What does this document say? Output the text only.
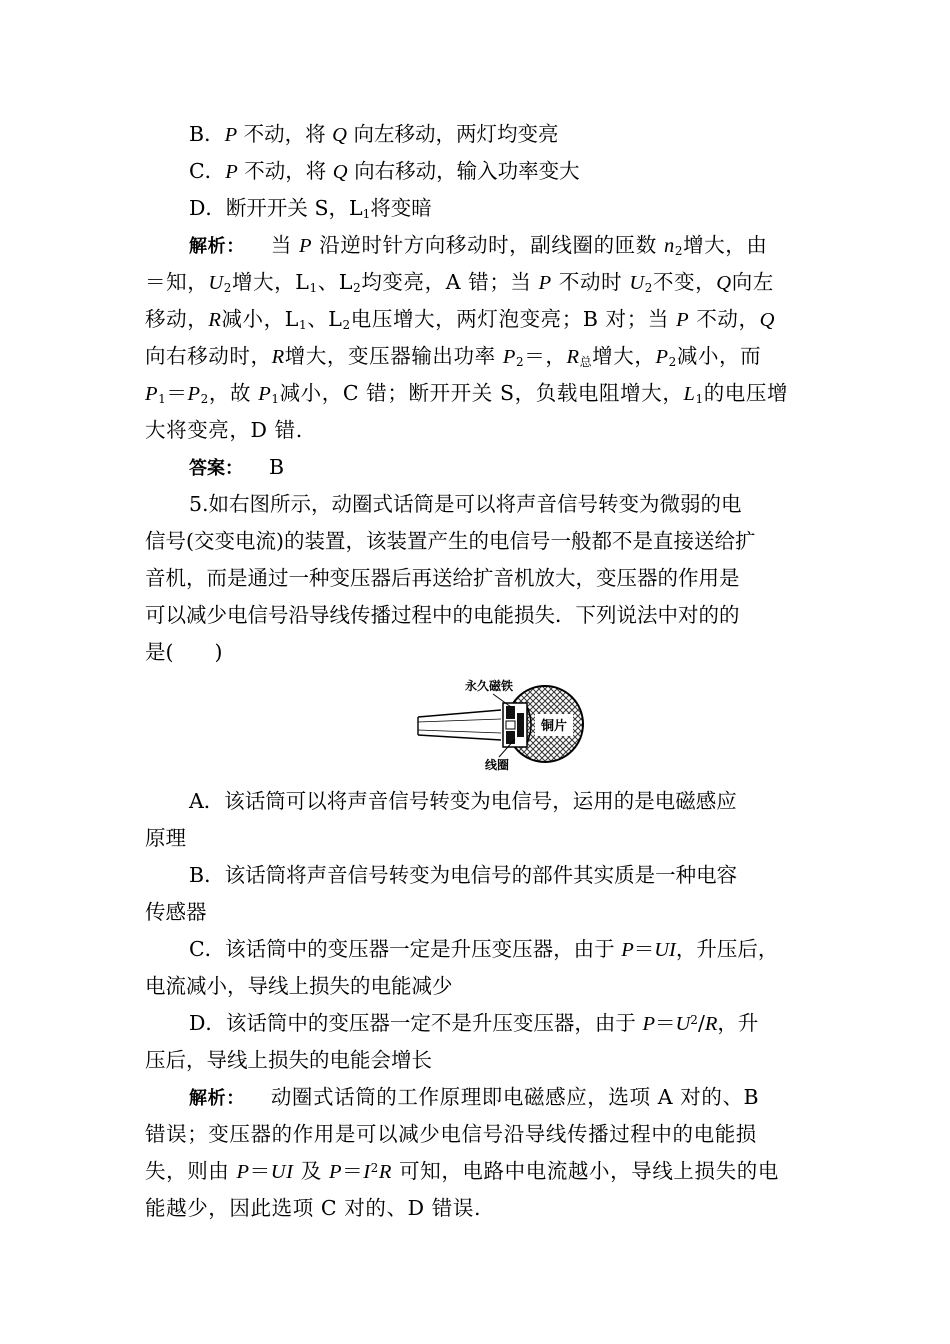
B．P 不动，将 Q 向左移动，两灯均变亮
C．P 不动，将 Q 向右移动，输入功率变大
D．断开开关 S，$L_1$将变暗
解析： 当 P 沿逆时针方向移动时，副线圈的匝数 $n_2$增大，由
＝知，$U_2$增大，$L_1$、$L_2$均变亮，A 错；当 P 不动时 $U_2$不变，Q向左
移动，R减小，$L_1$、$L_2$电压增大，两灯泡变亮；B 对；当 P 不动，Q
向右移动时，R增大，变压器输出功率 $P_2=$，$R_总$增大，$P_2$减小，而
$P_1=P_2$，故 $P_1$减小，C 错；断开开关 S，负载电阻增大，$L_1$的电压增
大将变亮，D 错.
答案： B
5.如右图所示，动圈式话筒是可以将声音信号转变为微弱的电
信号(交变电流)的装置，该装置产生的电信号一般都不是直接送给扩
音机，而是通过一种变压器后再送给扩音机放大，变压器的作用是
可以减少电信号沿导线传播过程中的电能损失．下列说法中对的的
是(　　)
铜片
永久磁铁
线圈
A．该话筒可以将声音信号转变为电信号，运用的是电磁感应
原理
B．该话筒将声音信号转变为电信号的部件其实质是一种电容
传感器
C．该话筒中的变压器一定是升压变压器，由于 P＝UI，升压后，
电流减小，导线上损失的电能减少
D．该话筒中的变压器一定不是升压变压器，由于 $P=U^2/R$，升
压后，导线上损失的电能会增长
解析： 动圈式话筒的工作原理即电磁感应，选项 A 对的、B
错误；变压器的作用是可以减少电信号沿导线传播过程中的电能损
失，则由 P＝UI 及 $P=I^2R$ 可知，电路中电流越小，导线上损失的电
能越少，因此选项 C 对的、D 错误.
